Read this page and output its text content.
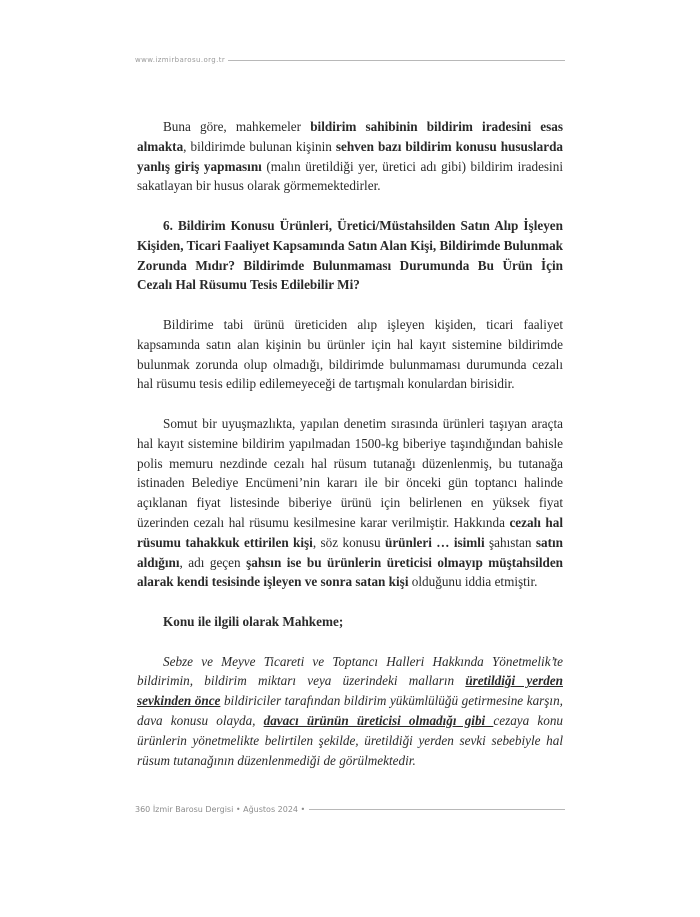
www.izmirbarosu.org.tr

Buna göre, mahkemeler bildirim sahibinin bildirim iradesini esas almakta, bildirimde bulunan kişinin sehven bazı bildirim konusu hususlarda yanlış giriş yapmasını (malın üretildiği yer, üretici adı gibi) bildirim iradesini sakatlayan bir husus olarak görmemektedirler.

6. Bildirim Konusu Ürünleri, Üretici/Müstahsilden Satın Alıp İşleyen Kişiden, Ticari Faaliyet Kapsamında Satın Alan Kişi, Bildirimde Bulunmak Zorunda Mıdır? Bildirimde Bulunmaması Durumunda Bu Ürün İçin Cezalı Hal Rüsumu Tesis Edilebilir Mi?

Bildirime tabi ürünü üreticiden alıp işleyen kişiden, ticari faaliyet kapsamında satın alan kişinin bu ürünler için hal kayıt sistemine bildirimde bulunmak zorunda olup olmadığı, bildirimde bulunmaması durumunda cezalı hal rüsumu tesis edilip edilemeyeceği de tartışmalı konulardan birisidir.

Somut bir uyuşmazlıkta, yapılan denetim sırasında ürünleri taşıyan araçta hal kayıt sistemine bildirim yapılmadan 1500-kg biberiye taşındığından bahisle polis memuru nezdinde cezalı hal rüsum tutanağı düzenlenmiş, bu tutanağa istinaden Belediye Encümeni’nin kararı ile bir önceki gün toptancı halinde açıklanan fiyat listesinde biberiye ürünü için belirlenen en yüksek fiyat üzerinden cezalı hal rüsumu kesilmesine karar verilmiştir. Hakkında cezalı hal rüsumu tahakkuk ettirilen kişi, söz konusu ürünleri … isimli şahıstan satın aldığını, adı geçen şahsın ise bu ürünlerin üreticisi olmayıp müştahsilden alarak kendi tesisinde işleyen ve sonra satan kişi olduğunu iddia etmiştir.

Konu ile ilgili olarak Mahkeme;

Sebze ve Meyve Ticareti ve Toptancı Halleri Hakkında Yönetmelik’te bildirimin, bildirim miktarı veya üzerindeki malların üretildiği yerden sevkinden önce bildiriciler tarafından bildirim yükümlülüğü getirmesine karşın, dava konusu olayda, davacı ürünün üreticisi olmadığı gibi cezaya konu ürünlerin yönetmelikte belirtilen şekilde, üretildiği yerden sevki sebebiyle hal rüsum tutanağının düzenlenmediği de görülmektedir.

360 İzmir Barosu Dergisi • Ağustos 2024 •
